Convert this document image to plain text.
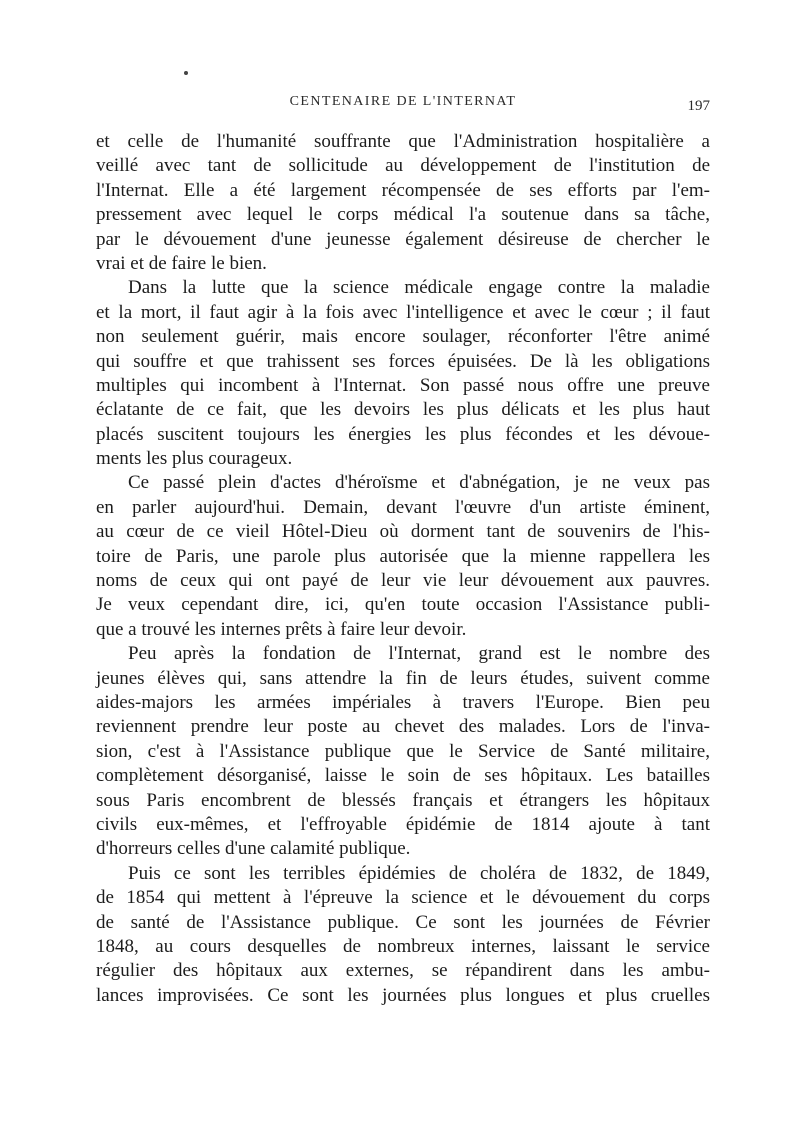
CENTENAIRE DE L'INTERNAT	197
et celle de l'humanité souffrante que l'Administration hospitalière a
veillé avec tant de sollicitude au développement de l'institution de
l'Internat. Elle a été largement récompensée de ses efforts par l'em-
pressement avec lequel le corps médical l'a soutenue dans sa tâche,
par le dévouement d'une jeunesse également désireuse de chercher le
vrai et de faire le bien.
Dans la lutte que la science médicale engage contre la maladie
et la mort, il faut agir à la fois avec l'intelligence et avec le cœur ; il faut
non seulement guérir, mais encore soulager, réconforter l'être animé
qui souffre et que trahissent ses forces épuisées. De là les obligations
multiples qui incombent à l'Internat. Son passé nous offre une preuve
éclatante de ce fait, que les devoirs les plus délicats et les plus haut
placés suscitent toujours les énergies les plus fécondes et les dévoue-
ments les plus courageux.
Ce passé plein d'actes d'héroïsme et d'abnégation, je ne veux pas
en parler aujourd'hui. Demain, devant l'œuvre d'un artiste éminent,
au cœur de ce vieil Hôtel-Dieu où dorment tant de souvenirs de l'his-
toire de Paris, une parole plus autorisée que la mienne rappellera les
noms de ceux qui ont payé de leur vie leur dévouement aux pauvres.
Je veux cependant dire, ici, qu'en toute occasion l'Assistance publi-
que a trouvé les internes prêts à faire leur devoir.
Peu après la fondation de l'Internat, grand est le nombre des
jeunes élèves qui, sans attendre la fin de leurs études, suivent comme
aides-majors les armées impériales à travers l'Europe. Bien peu
reviennent prendre leur poste au chevet des malades. Lors de l'inva-
sion, c'est à l'Assistance publique que le Service de Santé militaire,
complètement désorganisé, laisse le soin de ses hôpitaux. Les batailles
sous Paris encombrent de blessés français et étrangers les hôpitaux
civils eux-mêmes, et l'effroyable épidémie de 1814 ajoute à tant
d'horreurs celles d'une calamité publique.
Puis ce sont les terribles épidémies de choléra de 1832, de 1849,
de 1854 qui mettent à l'épreuve la science et le dévouement du corps
de santé de l'Assistance publique. Ce sont les journées de Février
1848, au cours desquelles de nombreux internes, laissant le service
régulier des hôpitaux aux externes, se répandirent dans les ambu-
lances improvisées. Ce sont les journées plus longues et plus cruelles
